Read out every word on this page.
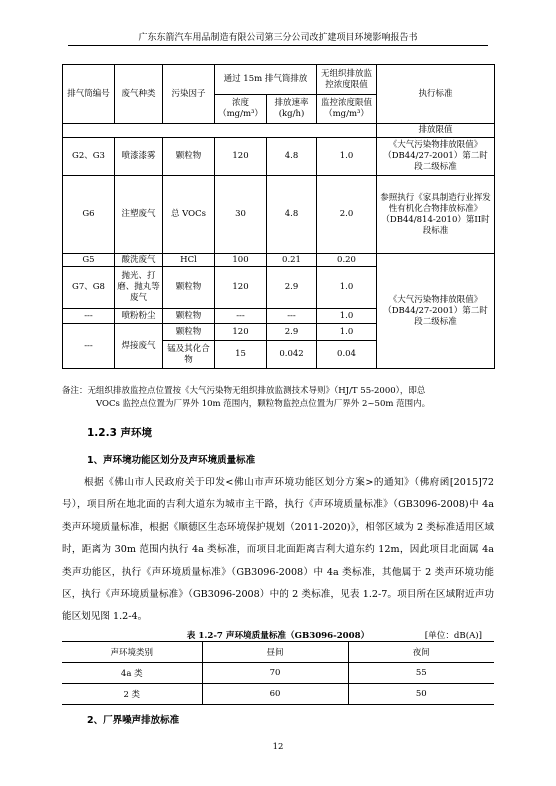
广东东箭汽车用品制造有限公司第三分公司改扩建项目环境影响报告书
排气筒编号	废气种类	污染因子	通过 15m 排气筒排放		无组织排放监控浓度限值	执行标准
			浓度（mg/m³）	排放速率(kg/h)	监控浓度限值（mg/m³）	
						排放限值
G2、G3	喷漆漆雾	颗粒物	120	4.8	1.0	《大气污染物排放限值》（DB44/27-2001）第二时段二级标准
G6	注塑废气	总 VOCs	30	4.8	2.0	参照执行《家具制造行业挥发性有机化合物排放标准》（DB44/814-2010）第II时段标准
G5	酸洗废气	HCl	100	0.21	0.20	《大气污染物排放限值》（DB44/27-2001）第二时段二级标准
G7、G8	抛光、打磨、抛丸等废气	颗粒物	120	2.9	1.0	
---	喷粉粉尘	颗粒物	---	---	1.0	
---	焊接废气	颗粒物	120	2.9	1.0	
		锰及其化合物	15	0.042	0.04	
备注：无组织排放监控点位置按《大气污染物无组织排放监测技术导则》（HJ/T 55-2000），即总
VOCs 监控点位置为厂界外 10m 范围内，颗粒物监控点位置为厂界外 2~50m 范围内。
1.2.3 声环境
1、声环境功能区划分及声环境质量标准
根据《佛山市人民政府关于印发<佛山市声环境功能区划分方案>的通知》（佛府函[2015]72 号），项目所在地北面的吉利大道东为城市主干路，执行《声环境质量标准》（GB3096-2008)中 4a 类声环境质量标准，根据《顺德区生态环境保护规划（2011-2020)》，相邻区域为 2 类标准适用区域时，距离为 30m 范围内执行 4a 类标准，而项目北面距离吉利大道东约 12m，因此项目北面属 4a 类声功能区，执行《声环境质量标准》（GB3096-2008）中 4a 类标准，其他属于 2 类声环境功能区，执行《声环境质量标准》（GB3096-2008）中的 2 类标准，见表 1.2-7。项目所在区域附近声功能区划见图 1.2-4。
表 1.2-7 声环境质量标准（GB3096-2008）	[单位：dB(A)]
声环境类别	昼间	夜间
4a 类	70	55
2 类	60	50
2、厂界噪声排放标准
12
